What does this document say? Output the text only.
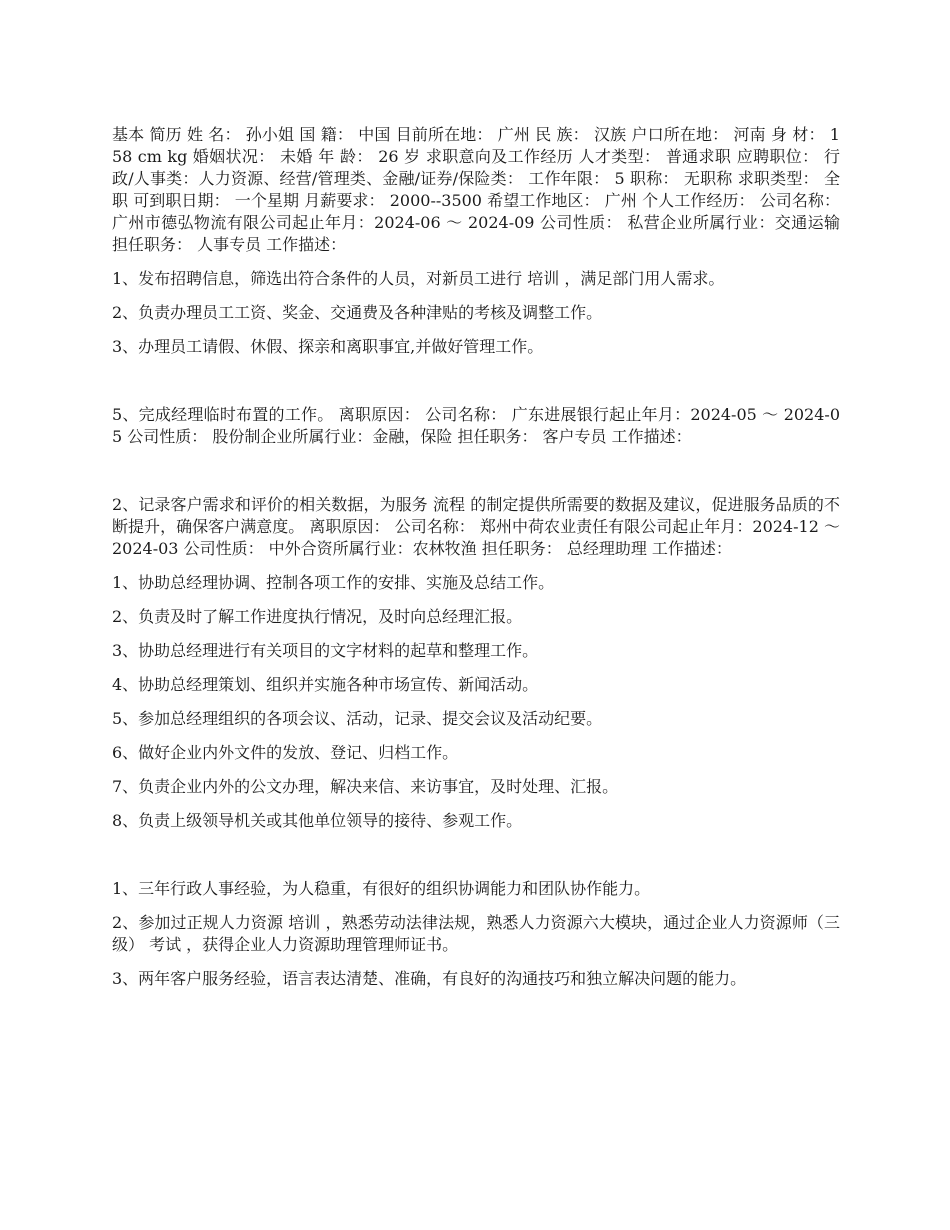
基本 简历 姓 名： 孙小姐 国 籍： 中国 目前所在地： 广州 民 族： 汉族 户口所在地： 河南 身 材： 158 cm kg 婚姻状况： 未婚 年 龄： 26 岁 求职意向及工作经历 人才类型： 普通求职 应聘职位： 行政/人事类：人力资源、经营/管理类、金融/证券/保险类： 工作年限： 5 职称： 无职称 求职类型： 全职 可到职日期： 一个星期 月薪要求： 2000--3500 希望工作地区： 广州 个人工作经历： 公司名称： 广州市德弘物流有限公司起止年月：2024-06 ～ 2024-09 公司性质： 私营企业所属行业：交通运输 担任职务： 人事专员 工作描述：

1、发布招聘信息，筛选出符合条件的人员，对新员工进行 培训 ，满足部门用人需求。

2、负责办理员工工资、奖金、交通费及各种津贴的考核及调整工作。

3、办理员工请假、休假、探亲和离职事宜,并做好管理工作。

5、完成经理临时布置的工作。 离职原因： 公司名称： 广东进展银行起止年月：2024-05 ～ 2024-05 公司性质： 股份制企业所属行业：金融，保险 担任职务： 客户专员 工作描述：

2、记录客户需求和评价的相关数据，为服务 流程 的制定提供所需要的数据及建议，促进服务品质的不断提升，确保客户满意度。 离职原因： 公司名称： 郑州中荷农业责任有限公司起止年月：2024-12 ～ 2024-03 公司性质： 中外合资所属行业：农林牧渔 担任职务： 总经理助理 工作描述：

1、协助总经理协调、控制各项工作的安排、实施及总结工作。

2、负责及时了解工作进度执行情况，及时向总经理汇报。

3、协助总经理进行有关项目的文字材料的起草和整理工作。

4、协助总经理策划、组织并实施各种市场宣传、新闻活动。

5、参加总经理组织的各项会议、活动，记录、提交会议及活动纪要。

6、做好企业内外文件的发放、登记、归档工作。

7、负责企业内外的公文办理，解决来信、来访事宜，及时处理、汇报。

8、负责上级领导机关或其他单位领导的接待、参观工作。

1、三年行政人事经验，为人稳重，有很好的组织协调能力和团队协作能力。

2、参加过正规人力资源 培训 ，熟悉劳动法律法规，熟悉人力资源六大模块，通过企业人力资源师（三级） 考试 ，获得企业人力资源助理管理师证书。

3、两年客户服务经验，语言表达清楚、准确，有良好的沟通技巧和独立解决问题的能力。
